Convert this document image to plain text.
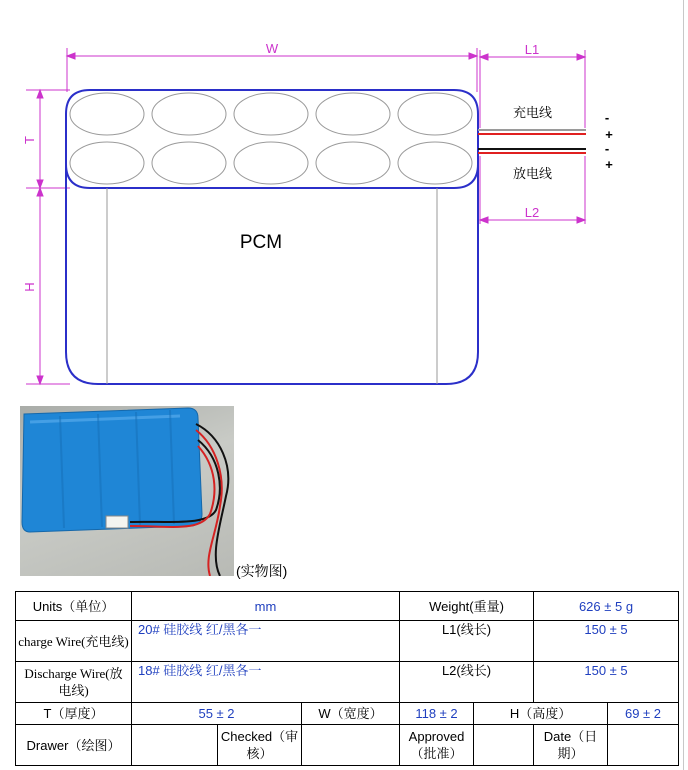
W	L1
L2
T
H
PCM
充电线
放电线
-
+
-
+
(实物图)
Units（单位）	mm			Weight(重量)		626 ± 5 g	
charge Wire(充电线)	20# 硅胶线 红/黑各一			L1(线长)		150 ± 5	
Discharge Wire(放电线)	18# 硅胶线 红/黑各一			L2(线长)		150 ± 5	
T（厚度）	55 ± 2		W（宽度）	118 ± 2	H（高度）		69 ± 2
Drawer（绘图）		Checked（审核）		Approved（批准）		Date（日期）	
